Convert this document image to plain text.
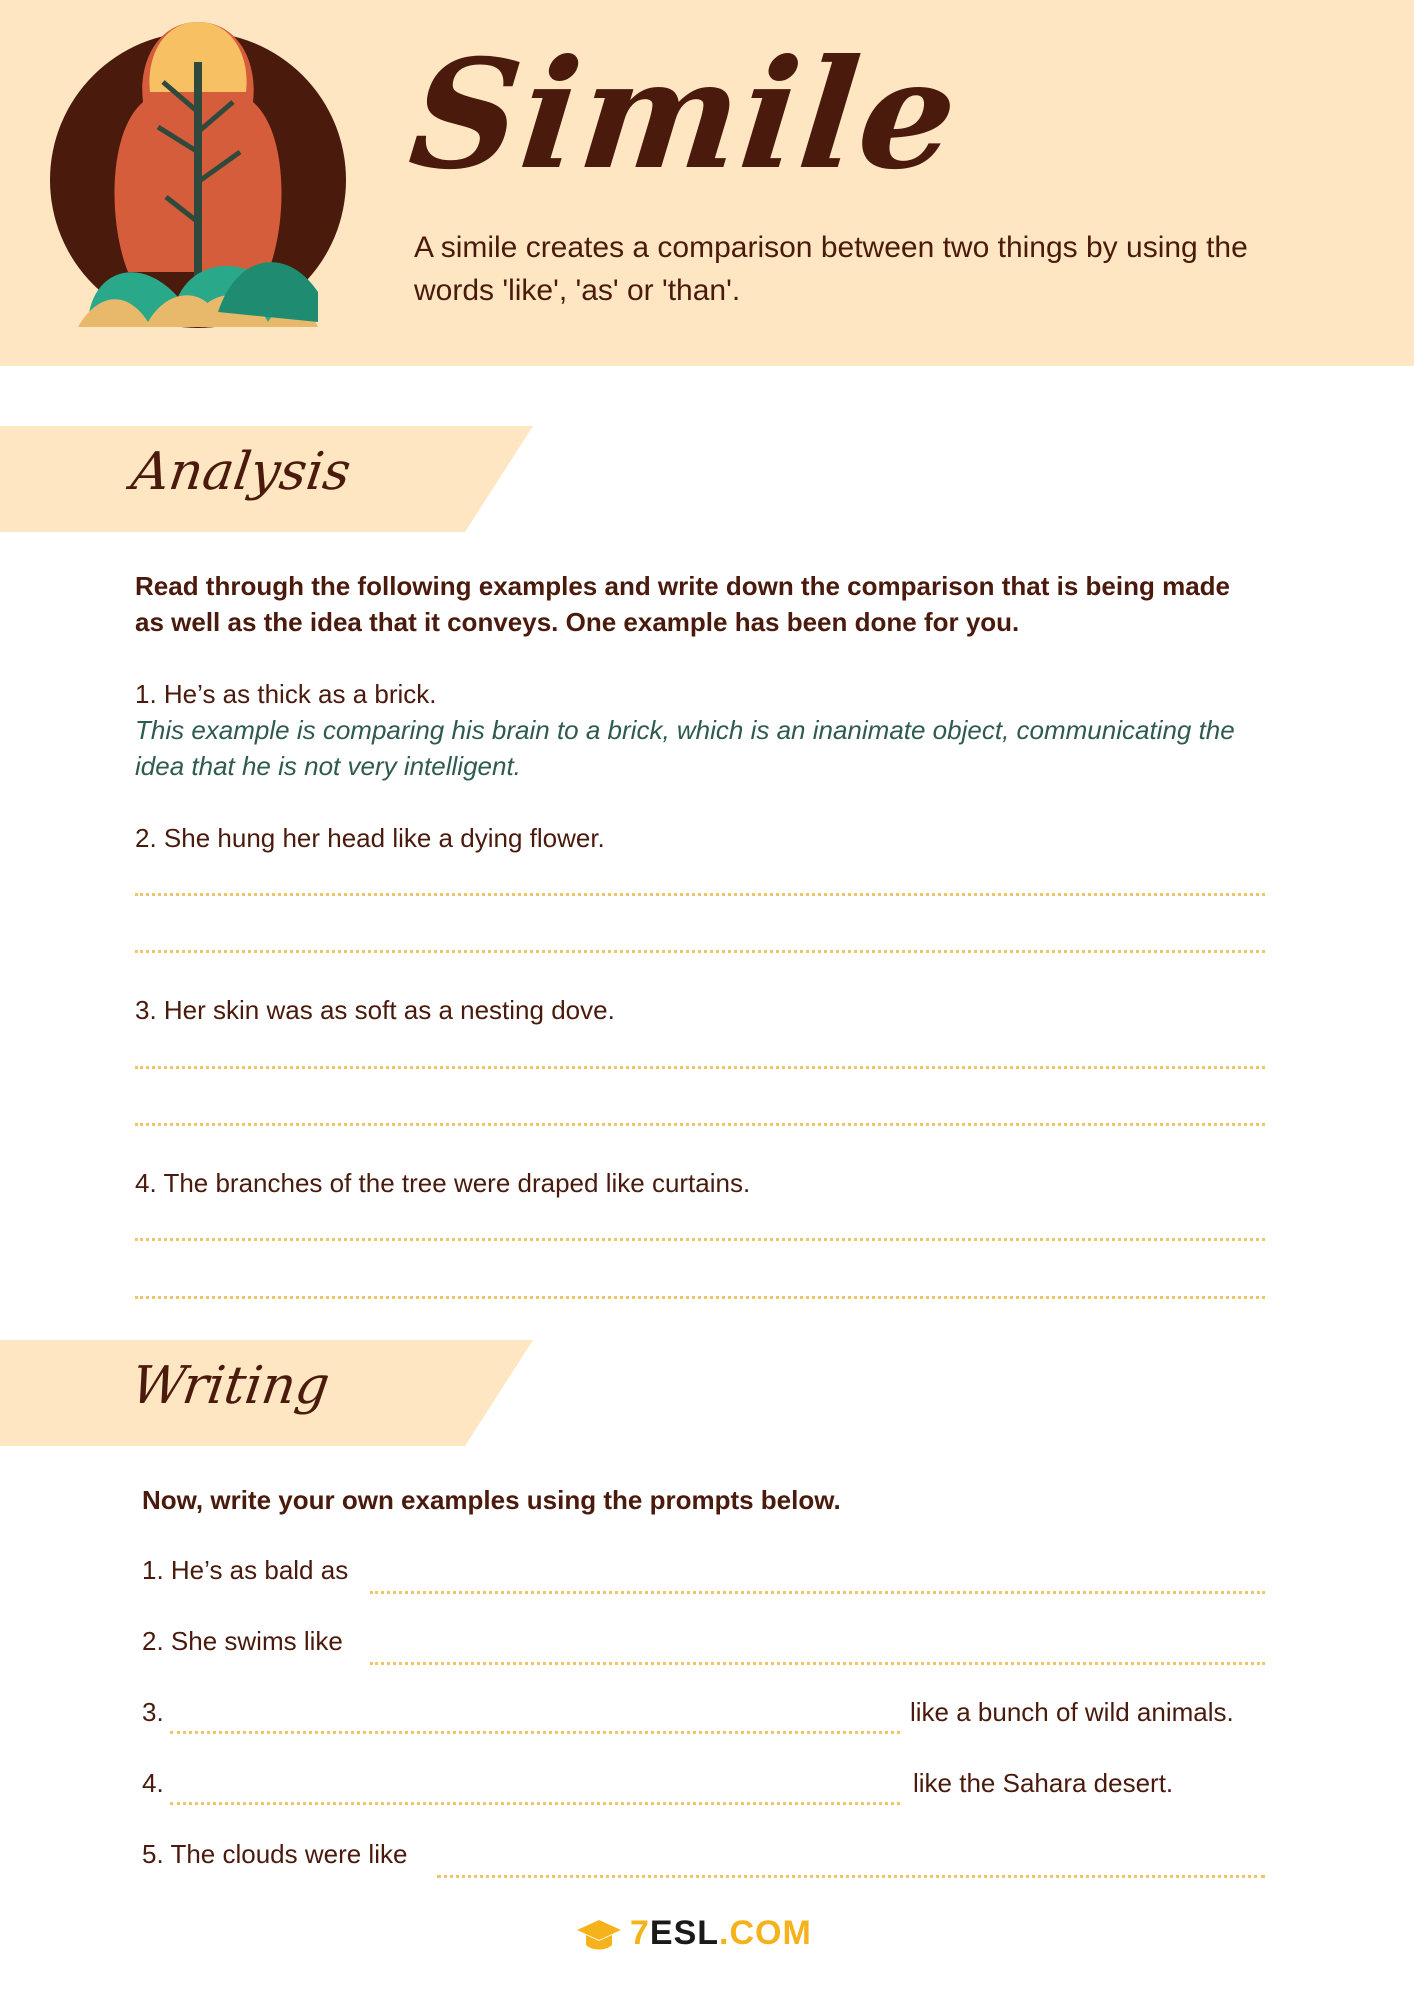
Simile
A simile creates a comparison between two things by using the words 'like', 'as' or 'than'.
Analysis
Read through the following examples and write down the comparison that is being made as well as the idea that it conveys. One example has been done for you.
1. He’s as thick as a brick.
This example is comparing his brain to a brick, which is an inanimate object, communicating the idea that he is not very intelligent.
2. She hung her head like a dying flower.
3. Her skin was as soft as a nesting dove.
4. The branches of the tree were draped like curtains.
Writing
Now, write your own examples using the prompts below.
1. He’s as bald as
2. She swims like
3.	like a bunch of wild animals.
4.	like the Sahara desert.
5. The clouds were like
7ESL.COM
